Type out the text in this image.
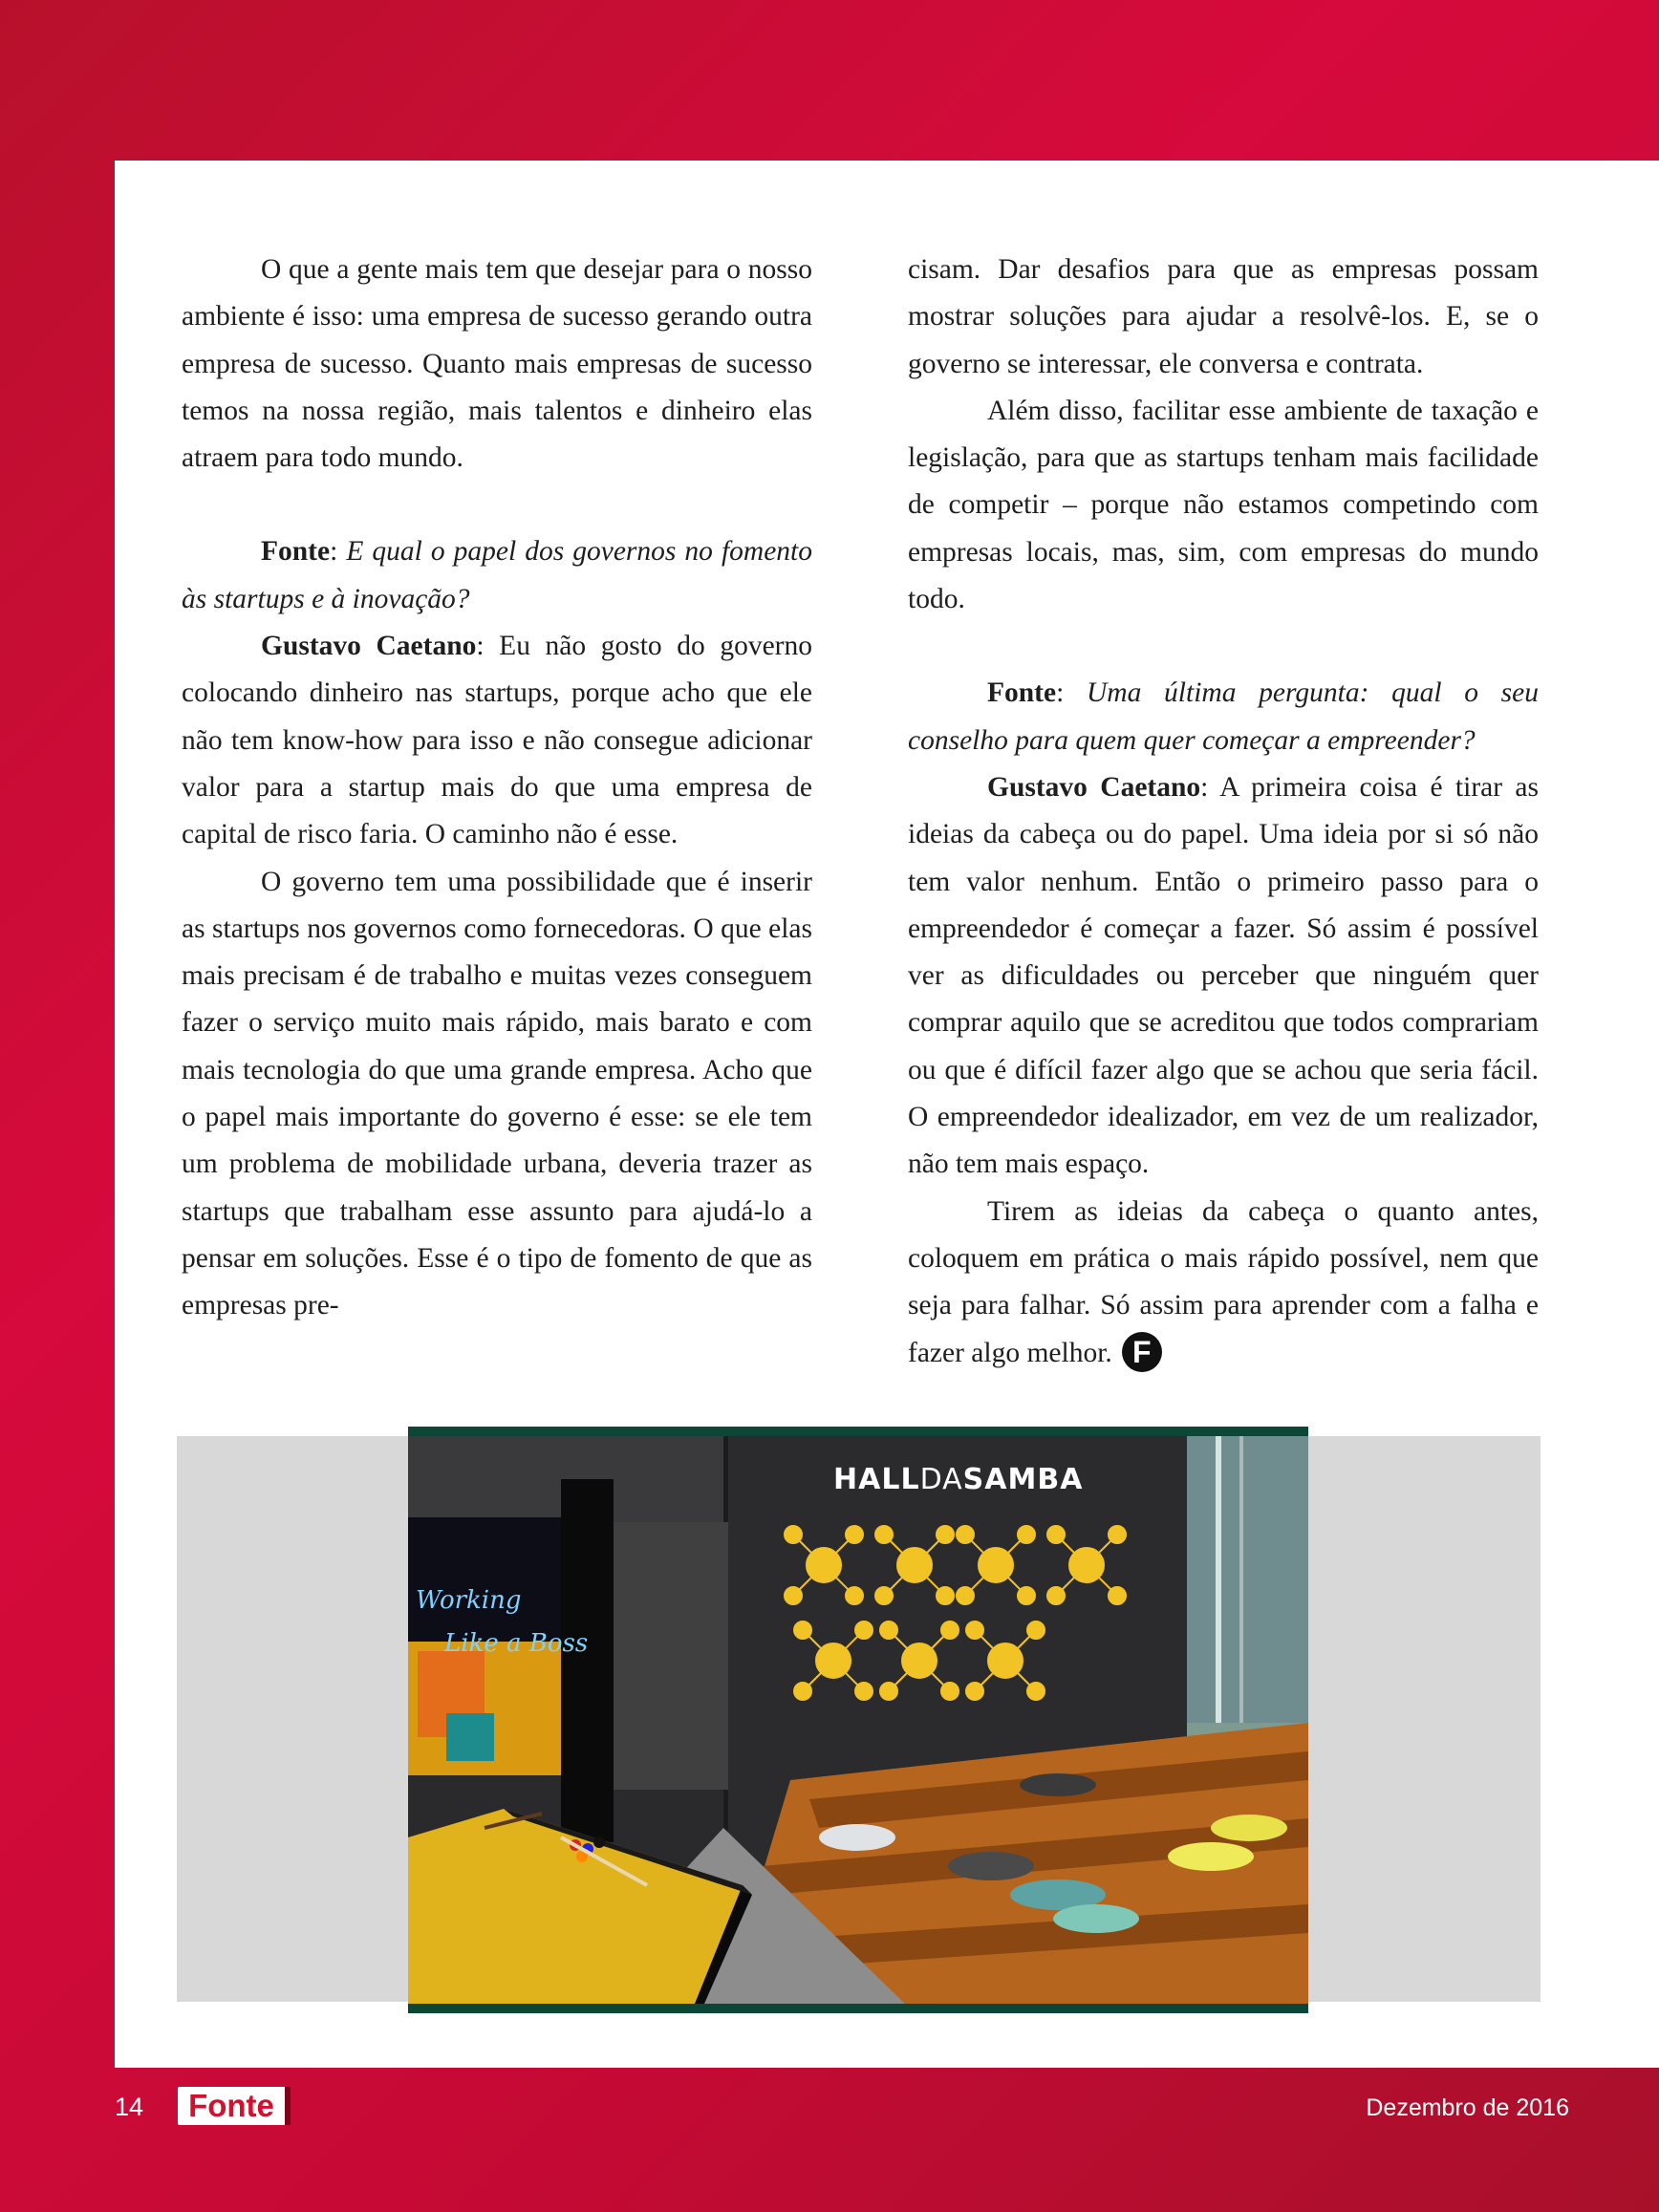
O que a gente mais tem que desejar para o nosso ambiente é isso: uma empresa de sucesso gerando outra empresa de sucesso. Quanto mais empresas de sucesso temos na nossa região, mais talentos e dinheiro elas atraem para todo mundo.

Fonte: E qual o papel dos governos no fomento às startups e à inovação?

Gustavo Caetano: Eu não gosto do governo colocando dinheiro nas startups, porque acho que ele não tem know-how para isso e não consegue adicionar valor para a startup mais do que uma empresa de capital de risco faria. O caminho não é esse.

O governo tem uma possibilidade que é inserir as startups nos governos como fornecedoras. O que elas mais precisam é de trabalho e muitas vezes conseguem fazer o serviço muito mais rápido, mais barato e com mais tecnologia do que uma grande empresa. Acho que o papel mais importante do governo é esse: se ele tem um problema de mobilidade urbana, deveria trazer as startups que trabalham esse assunto para ajudá-lo a pensar em soluções. Esse é o tipo de fomento de que as empresas pre-

cisam. Dar desafios para que as empresas possam mostrar soluções para ajudar a resolvê-los. E, se o governo se interessar, ele conversa e contrata.

Além disso, facilitar esse ambiente de taxação e legislação, para que as startups tenham mais facilidade de competir – porque não estamos competindo com empresas locais, mas, sim, com empresas do mundo todo.

Fonte: Uma última pergunta: qual o seu conselho para quem quer começar a empreender?

Gustavo Caetano: A primeira coisa é tirar as ideias da cabeça ou do papel. Uma ideia por si só não tem valor nenhum. Então o primeiro passo para o empreendedor é começar a fazer. Só assim é possível ver as dificuldades ou perceber que ninguém quer comprar aquilo que se acreditou que todos comprariam ou que é difícil fazer algo que se achou que seria fácil. O empreendedor idealizador, em vez de um realizador, não tem mais espaço.

Tirem as ideias da cabeça o quanto antes, coloquem em prática o mais rápido possível, nem que seja para falhar. Só assim para aprender com a falha e fazer algo melhor. F

Working
Like a Boss
HALLDASAMBA
14	Fonte	Dezembro de 2016
